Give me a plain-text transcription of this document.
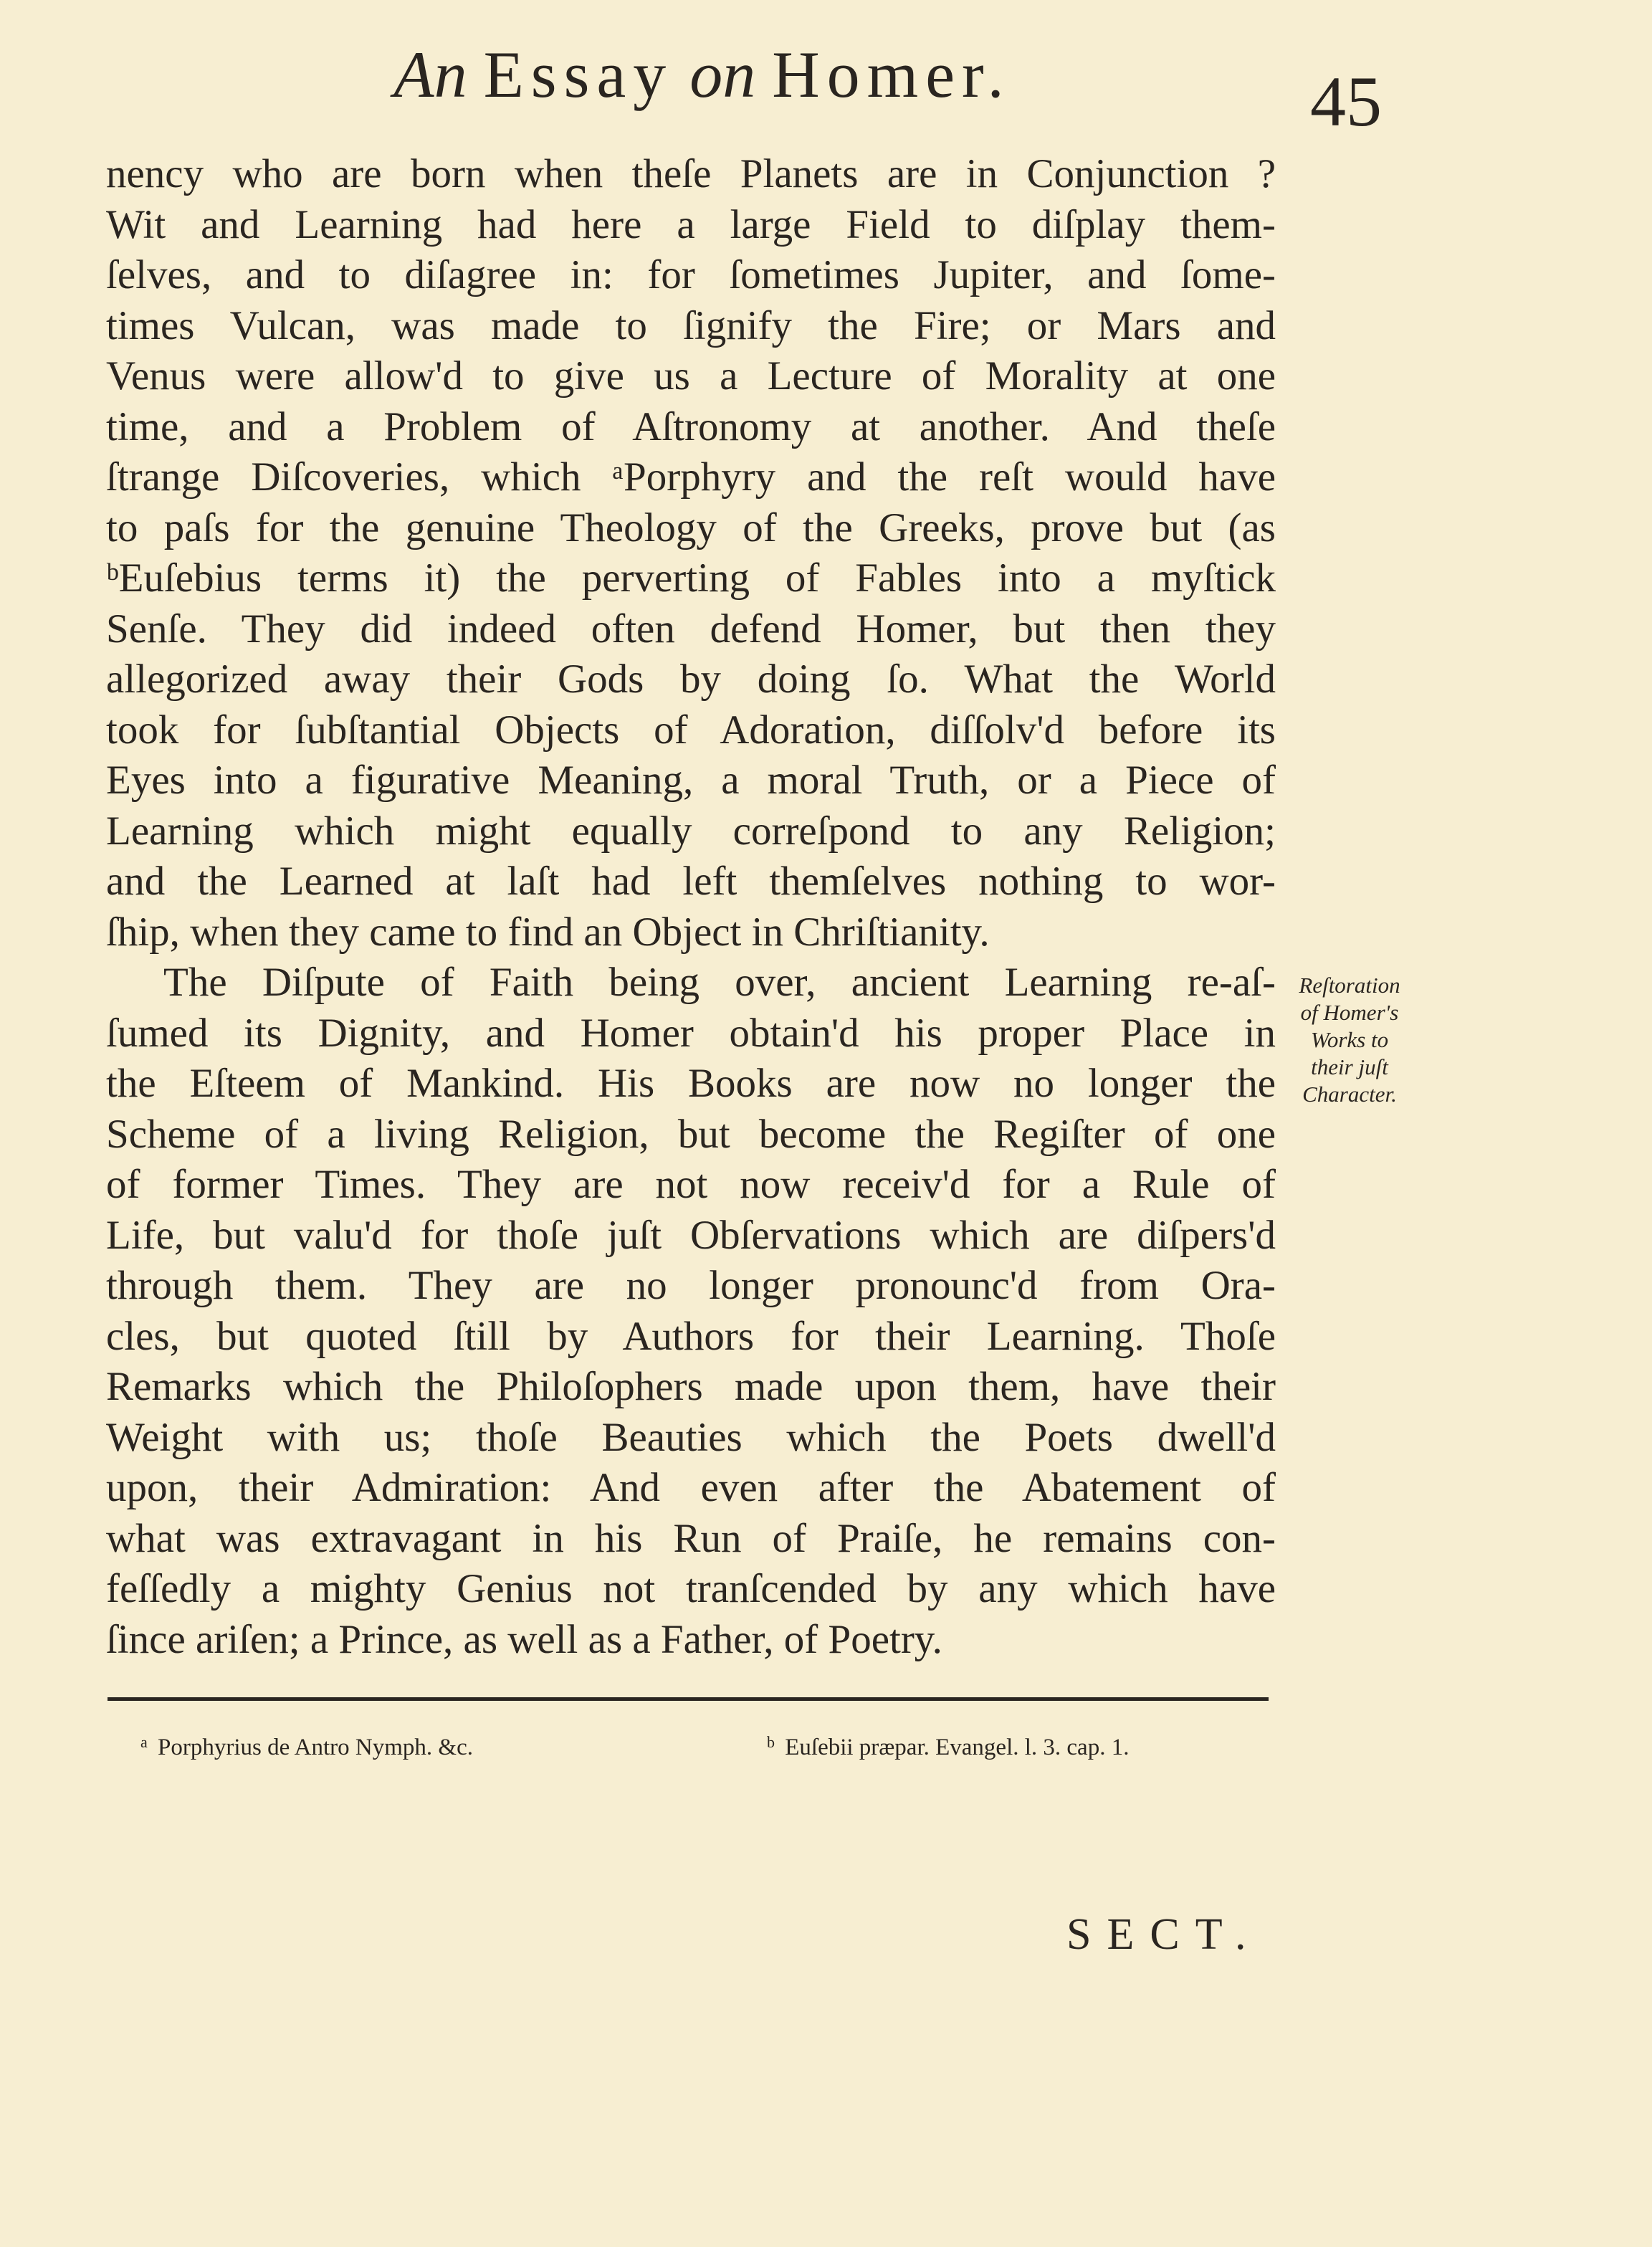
An Essay on Homer.	45
nency who are born when theſe Planets are in Conjunction ?
Wit and Learning had here a large Field to diſplay them-
ſelves, and to diſagree in: for ſometimes Jupiter, and ſome-
times Vulcan, was made to ſignify the Fire; or Mars and
Venus were allow'd to give us a Lecture of Morality at one
time, and a Problem of Aſtronomy at another. And theſe
ſtrange Diſcoveries, which ᵃPorphyry and the reſt would have
to paſs for the genuine Theology of the Greeks, prove but (as
ᵇEuſebius terms it) the perverting of Fables into a myſtick
Senſe. They did indeed often defend Homer, but then they
allegorized away their Gods by doing ſo. What the World
took for ſubſtantial Objects of Adoration, diſſolv'd before its
Eyes into a figurative Meaning, a moral Truth, or a Piece of
Learning which might equally correſpond to any Religion;
and the Learned at laſt had left themſelves nothing to wor-
ſhip, when they came to find an Object in Chriſtianity.
The Diſpute of Faith being over, ancient Learning re-aſ-
ſumed its Dignity, and Homer obtain'd his proper Place in
the Eſteem of Mankind. His Books are now no longer the
Scheme of a living Religion, but become the Regiſter of one
of former Times. They are not now receiv'd for a Rule of
Life, but valu'd for thoſe juſt Obſervations which are diſpers'd
through them. They are no longer pronounc'd from Ora-
cles, but quoted ſtill by Authors for their Learning. Thoſe
Remarks which the Philoſophers made upon them, have their
Weight with us; thoſe Beauties which the Poets dwell'd
upon, their Admiration: And even after the Abatement of
what was extravagant in his Run of Praiſe, he remains con-
feſſedly a mighty Genius not tranſcended by any which have
ſince ariſen; a Prince, as well as a Father, of Poetry.
Reſtoration
of Homer's
Works to
their juſt
Character.
$^a$ Porphyrius de Antro Nymph. &c.	$^b$ Euſebii præpar. Evangel. l. 3. cap. 1.
SECT.
